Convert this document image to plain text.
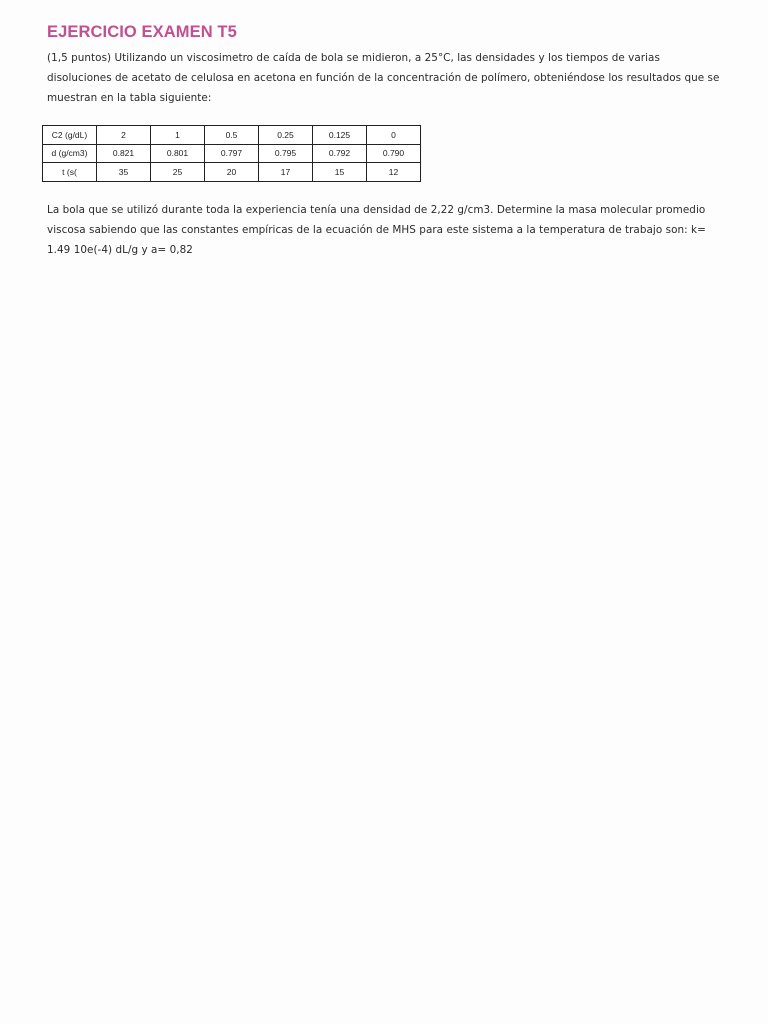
EJERCICIO EXAMEN T5

(1,5 puntos) Utilizando un viscosimetro de caída de bola se midieron, a 25°C, las densidades y los tiempos de varias disoluciones de acetato de celulosa en acetona en función de la concentración de polímero, obteniéndose los resultados que se muestran en la tabla siguiente:

C2 (g/dL)	2	1	0.5	0.25	0.125	0
d (g/cm3)	0.821	0.801	0.797	0.795	0.792	0.790
t (s(	35	25	20	17	15	12

La bola que se utilizó durante toda la experiencia tenía una densidad de 2,22 g/cm3. Determine la masa molecular promedio viscosa sabiendo que las constantes empíricas de la ecuación de MHS para este sistema a la temperatura de trabajo son: k= 1.49 10e(-4) dL/g y a= 0,82
